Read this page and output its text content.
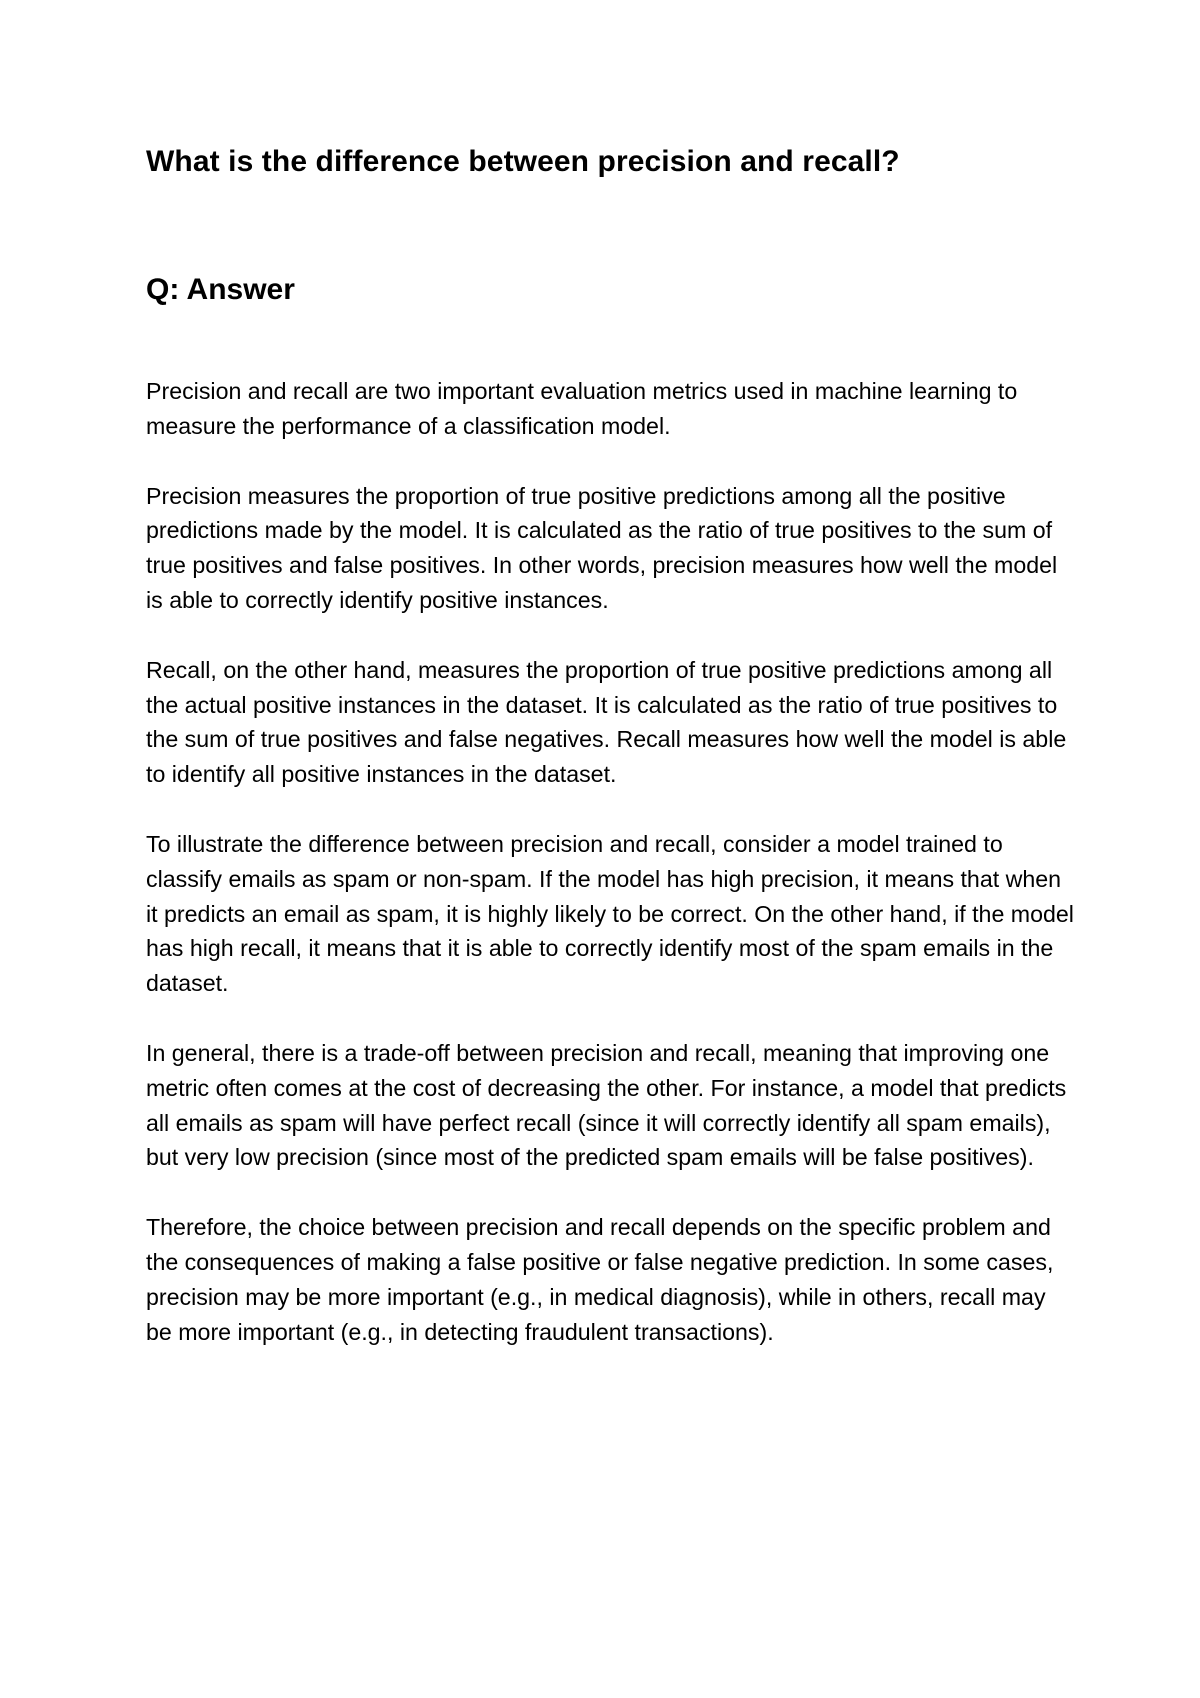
What is the difference between precision and recall?
Q: Answer

Precision and recall are two important evaluation metrics used in machine learning to measure the performance of a classification model.

Precision measures the proportion of true positive predictions among all the positive predictions made by the model. It is calculated as the ratio of true positives to the sum of true positives and false positives. In other words, precision measures how well the model is able to correctly identify positive instances.

Recall, on the other hand, measures the proportion of true positive predictions among all the actual positive instances in the dataset. It is calculated as the ratio of true positives to the sum of true positives and false negatives. Recall measures how well the model is able to identify all positive instances in the dataset.

To illustrate the difference between precision and recall, consider a model trained to classify emails as spam or non-spam. If the model has high precision, it means that when it predicts an email as spam, it is highly likely to be correct. On the other hand, if the model has high recall, it means that it is able to correctly identify most of the spam emails in the dataset.

In general, there is a trade-off between precision and recall, meaning that improving one metric often comes at the cost of decreasing the other. For instance, a model that predicts all emails as spam will have perfect recall (since it will correctly identify all spam emails), but very low precision (since most of the predicted spam emails will be false positives).

Therefore, the choice between precision and recall depends on the specific problem and the consequences of making a false positive or false negative prediction. In some cases, precision may be more important (e.g., in medical diagnosis), while in others, recall may be more important (e.g., in detecting fraudulent transactions).
